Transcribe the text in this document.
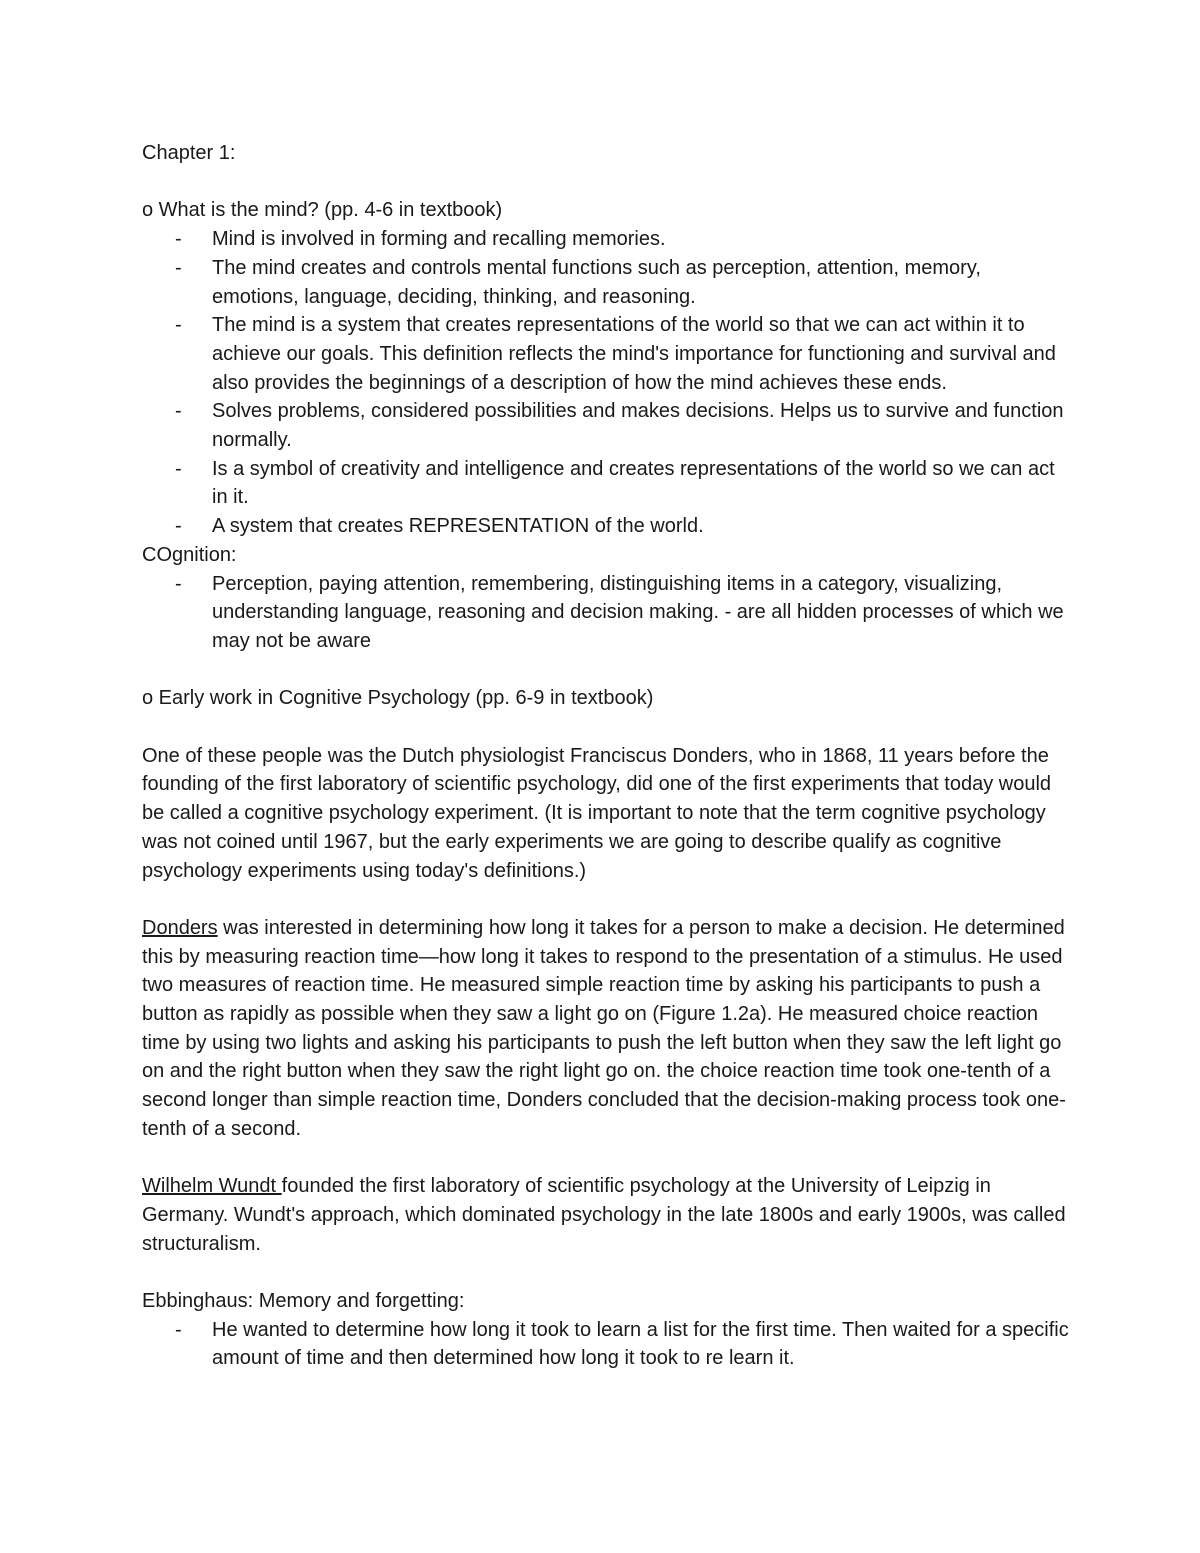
Chapter 1:

o What is the mind? (pp. 4-6 in textbook)

- Mind is involved in forming and recalling memories.
- The mind creates and controls mental functions such as perception, attention, memory, emotions, language, deciding, thinking, and reasoning.
- The mind is a system that creates representations of the world so that we can act within it to achieve our goals. This definition reflects the mind's importance for functioning and survival and also provides the beginnings of a description of how the mind achieves these ends.
- Solves problems, considered possibilities and makes decisions. Helps us to survive and function normally.
- Is a symbol of creativity and intelligence and creates representations of the world so we can act in it.
- A system that creates REPRESENTATION of the world.

COgnition:

- Perception, paying attention, remembering, distinguishing items in a category, visualizing, understanding language, reasoning and decision making. - are all hidden processes of which we may not be aware

o Early work in Cognitive Psychology (pp. 6-9 in textbook)

One of these people was the Dutch physiologist Franciscus Donders, who in 1868, 11 years before the founding of the first laboratory of scientific psychology, did one of the first experiments that today would be called a cognitive psychology experiment. (It is important to note that the term cognitive psychology was not coined until 1967, but the early experiments we are going to describe qualify as cognitive psychology experiments using today's definitions.)

Donders was interested in determining how long it takes for a person to make a decision. He determined this by measuring reaction time—how long it takes to respond to the presentation of a stimulus. He used two measures of reaction time. He measured simple reaction time by asking his participants to push a button as rapidly as possible when they saw a light go on (Figure 1.2a). He measured choice reaction time by using two lights and asking his participants to push the left button when they saw the left light go on and the right button when they saw the right light go on. the choice reaction time took one-tenth of a second longer than simple reaction time, Donders concluded that the decision-making process took one-tenth of a second.

Wilhelm Wundt founded the first laboratory of scientific psychology at the University of Leipzig in Germany. Wundt's approach, which dominated psychology in the late 1800s and early 1900s, was called structuralism.

Ebbinghaus: Memory and forgetting:

- He wanted to determine how long it took to learn a list for the first time. Then waited for a specific amount of time and then determined how long it took to re learn it.
